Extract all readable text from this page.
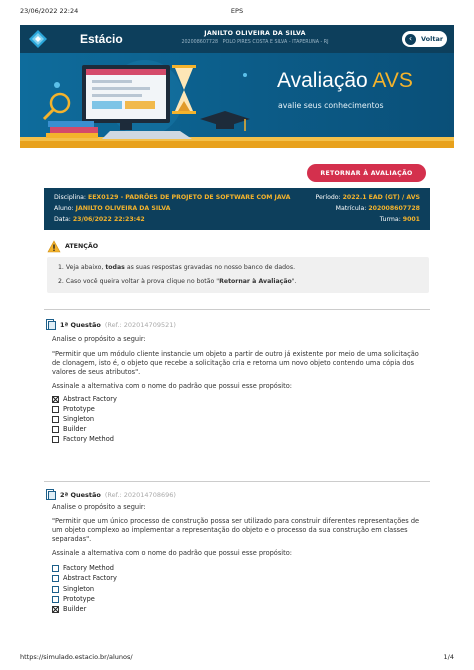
23/06/2022 22:24	EPS
Estácio	JANILTO OLIVEIRA DA SILVA
202008607728 POLO PIRES COSTA E SILVA - ITAPERUNA - RJ	‹	Voltar
Avaliação AVS
avalie seus conhecimentos
RETORNAR À AVALIAÇÃO
Disciplina: EEX0129 - PADRÕES DE PROJETO DE SOFTWARE COM JAVA	Período: 2022.1 EAD (GT) / AVS
Aluno: JANILTO OLIVEIRA DA SILVA	Matrícula: 202008607728
Data: 23/06/2022 22:23:42	Turma: 9001
ATENÇÃO
1. Veja abaixo, todas as suas respostas gravadas no nosso banco de dados.
2. Caso você queira voltar à prova clique no botão "Retornar à Avaliação".
1ª Questão (Ref.: 202014709521)
Analise o propósito a seguir:
"Permitir que um módulo cliente instancie um objeto a partir de outro já existente por meio de uma solicitação
de clonagem, isto é, o objeto que recebe a solicitação cria e retorna um novo objeto contendo uma cópia dos
valores de seus atributos".
Assinale a alternativa com o nome do padrão que possui esse propósito:
Abstract Factory
Prototype
Singleton
Builder
Factory Method
2ª Questão (Ref.: 202014708696)
Analise o propósito a seguir:
"Permitir que um único processo de construção possa ser utilizado para construir diferentes representações de
um objeto complexo ao implementar a representação do objeto e o processo da sua construção em classes
separadas".
Assinale a alternativa com o nome do padrão que possui esse propósito:
Factory Method
Abstract Factory
Singleton
Prototype
Builder
https://simulado.estacio.br/alunos/	1/4
